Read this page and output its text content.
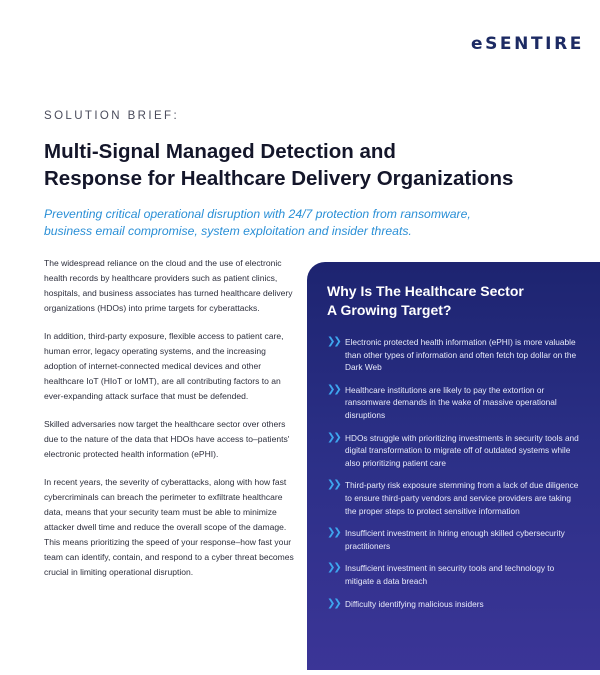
eSENTIRE
SOLUTION BRIEF:
Multi-Signal Managed Detection and
Response for Healthcare Delivery Organizations

Preventing critical operational disruption with 24/7 protection from ransomware,
business email compromise, system exploitation and insider threats.

The widespread reliance on the cloud and the use of electronic health records by healthcare providers such as patient clinics, hospitals, and business associates has turned healthcare delivery organizations (HDOs) into prime targets for cyberattacks.

In addition, third-party exposure, flexible access to patient care, human error, legacy operating systems, and the increasing adoption of internet-connected medical devices and other healthcare IoT (HIoT or IoMT), are all contributing factors to an ever-expanding attack surface that must be defended.

Skilled adversaries now target the healthcare sector over others due to the nature of the data that HDOs have access to–patients' electronic protected health information (ePHI).

In recent years, the severity of cyberattacks, along with how fast cybercriminals can breach the perimeter to exfiltrate healthcare data, means that your security team must be able to minimize attacker dwell time and reduce the overall scope of the damage. This means prioritizing the speed of your response–how fast your team can identify, contain, and respond to a cyber threat becomes crucial in limiting operational disruption.

Why Is The Healthcare Sector
A Growing Target?
❯❯ Electronic protected health information (ePHI) is more valuable than other types of information and often fetch top dollar on the Dark Web
❯❯ Healthcare institutions are likely to pay the extortion or ransomware demands in the wake of massive operational disruptions
❯❯ HDOs struggle with prioritizing investments in security tools and digital transformation to migrate off of outdated systems while also prioritizing patient care
❯❯ Third-party risk exposure stemming from a lack of due diligence to ensure third-party vendors and service providers are taking the proper steps to protect sensitive information
❯❯ Insufficient investment in hiring enough skilled cybersecurity practitioners
❯❯ Insufficient investment in security tools and technology to mitigate a data breach
❯❯ Difficulty identifying malicious insiders
